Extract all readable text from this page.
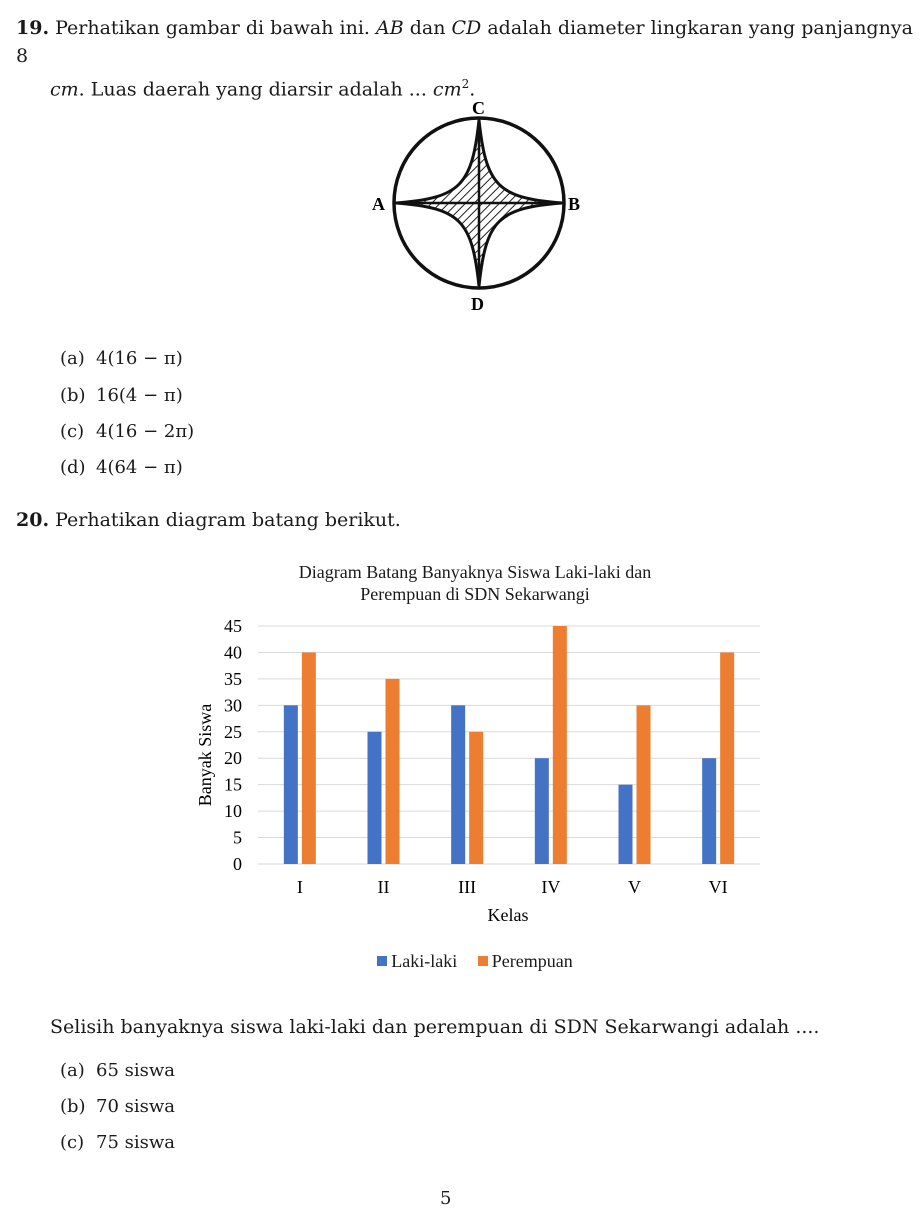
19. Perhatikan gambar di bawah ini. AB dan CD adalah diameter lingkaran yang panjangnya 8
cm. Luas daerah yang diarsir adalah ... $cm^2$.
C
A	B
D
(a) 4(16 − π)
(b) 16(4 − π)
(c) 4(16 − 2π)
(d) 4(64 − π)
20. Perhatikan diagram batang berikut.
Diagram Batang Banyaknya Siswa Laki-laki dan
Perempuan di SDN Sekarwangi
0
5
10
15
20
25
30
35
40
45
I	II	III	IV	V	VI
Banyak Siswa
Kelas
Laki-laki
Perempuan
Selisih banyaknya siswa laki-laki dan perempuan di SDN Sekarwangi adalah ....
(a) 65 siswa
(b) 70 siswa
(c) 75 siswa
5
